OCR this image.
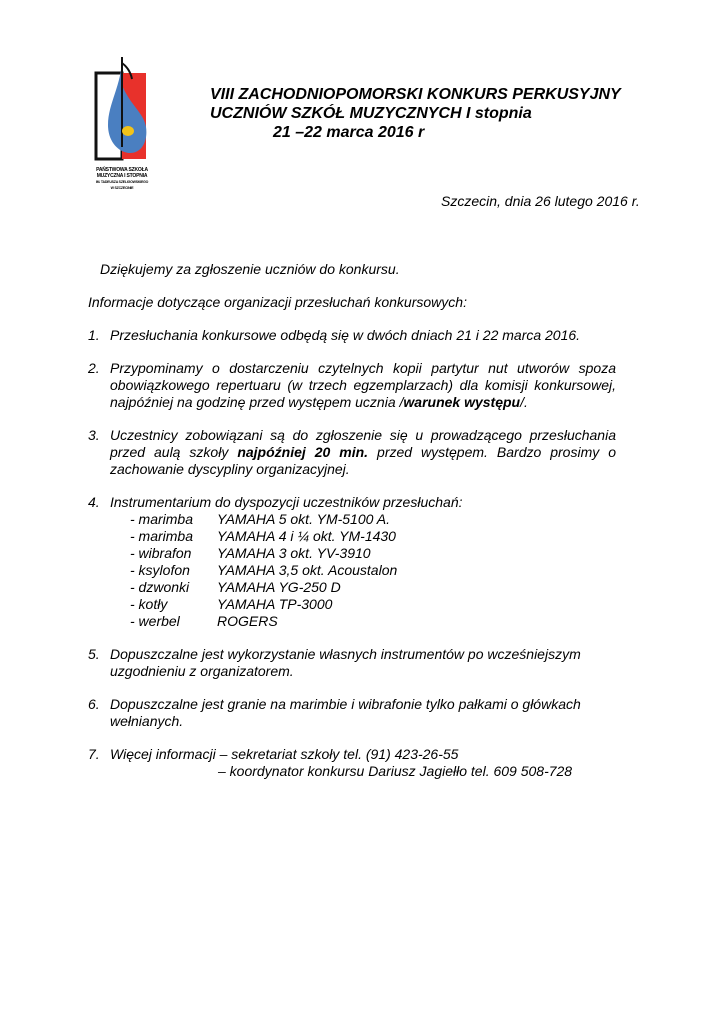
PAŃSTWOWA SZKOŁA
MUZYCZNA I STOPNIA
IM. TADEUSZA SZELIGOWSKIEGO
W SZCZECINIE
VIII ZACHODNIOPOMORSKI KONKURS PERKUSYJNY
UCZNIÓW SZKÓŁ MUZYCZNYCH I stopnia
21 –22 marca 2016 r
Szczecin, dnia 26 lutego 2016 r.
Dziękujemy za zgłoszenie uczniów do konkursu.
Informacje dotyczące organizacji przesłuchań konkursowych:
1. Przesłuchania konkursowe odbędą się w dwóch dniach 21 i 22 marca 2016.
2. Przypominamy o dostarczeniu czytelnych kopii partytur nut utworów spoza obowiązkowego repertuaru (w trzech egzemplarzach) dla komisji konkursowej, najpóźniej na godzinę przed występem ucznia /warunek występu/.
3. Uczestnicy zobowiązani są do zgłoszenie się u prowadzącego przesłuchania przed aulą szkoły najpóźniej 20 min. przed występem. Bardzo prosimy o zachowanie dyscypliny organizacyjnej.
4. Instrumentarium do dyspozycji uczestników przesłuchań:
- marimba	YAMAHA 5 okt. YM-5100 A.
- marimba	YAMAHA 4 i ¼ okt. YM-1430
- wibrafon	YAMAHA 3 okt. YV-3910
- ksylofon	YAMAHA 3,5 okt. Acoustalon
- dzwonki	YAMAHA YG-250 D
- kotły	YAMAHA TP-3000
- werbel	ROGERS
5. Dopuszczalne jest wykorzystanie własnych instrumentów po wcześniejszym uzgodnieniu z organizatorem.
6. Dopuszczalne jest granie na marimbie i wibrafonie tylko pałkami o główkach wełnianych.
7. Więcej informacji – sekretariat szkoły tel. (91) 423-26-55
– koordynator konkursu Dariusz Jagiełło tel. 609 508-728
